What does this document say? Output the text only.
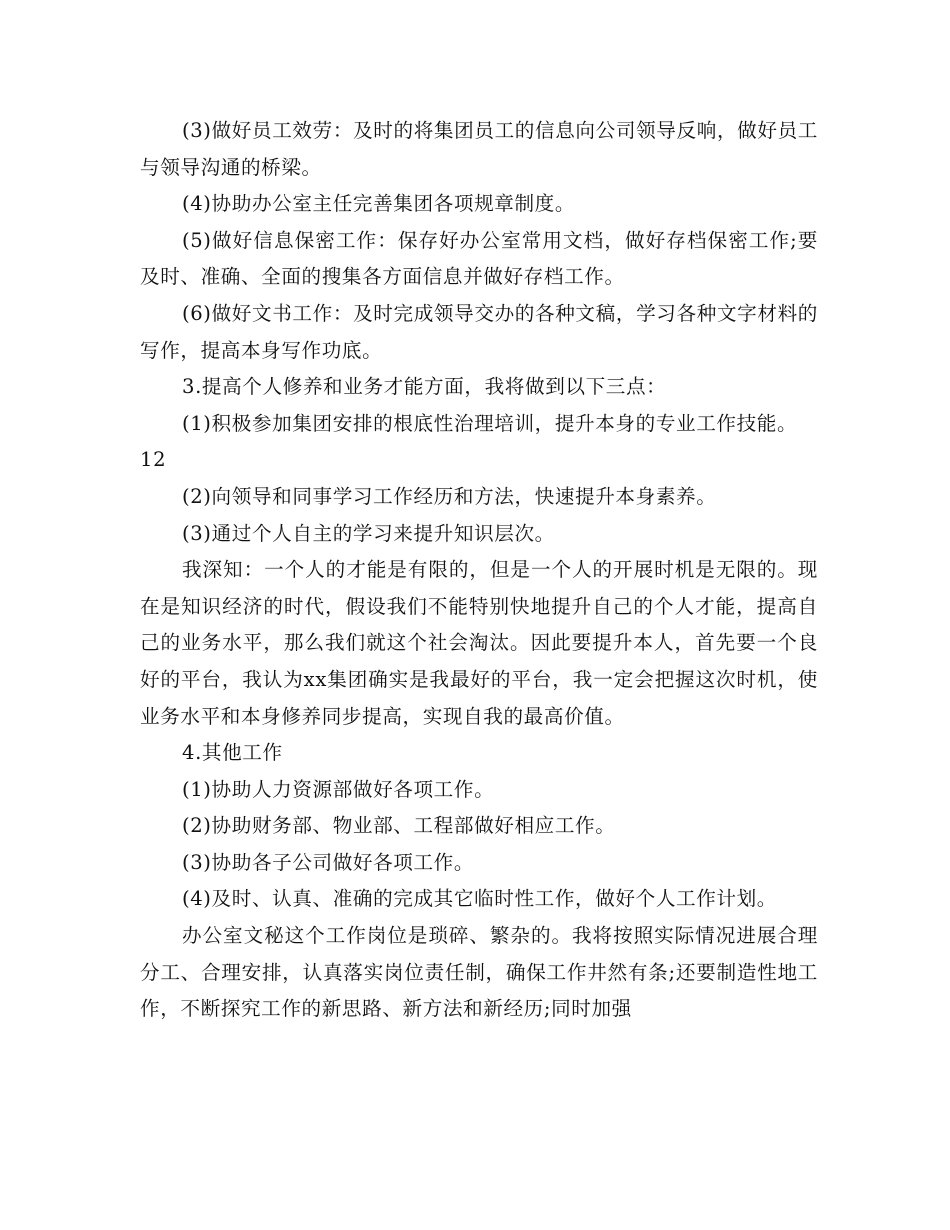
(3)做好员工效劳：及时的将集团员工的信息向公司领导反响，做好员工与领导沟通的桥梁。

(4)协助办公室主任完善集团各项规章制度。

(5)做好信息保密工作：保存好办公室常用文档，做好存档保密工作;要及时、准确、全面的搜集各方面信息并做好存档工作。

(6)做好文书工作：及时完成领导交办的各种文稿，学习各种文字材料的写作，提高本身写作功底。

3.提高个人修养和业务才能方面，我将做到以下三点：

(1)积极参加集团安排的根底性治理培训，提升本身的专业工作技能。

12

(2)向领导和同事学习工作经历和方法，快速提升本身素养。

(3)通过个人自主的学习来提升知识层次。

我深知：一个人的才能是有限的，但是一个人的开展时机是无限的。现在是知识经济的时代，假设我们不能特别快地提升自己的个人才能，提高自己的业务水平，那么我们就这个社会淘汰。因此要提升本人，首先要一个良好的平台，我认为xx集团确实是我最好的平台，我一定会把握这次时机，使业务水平和本身修养同步提高，实现自我的最高价值。

4.其他工作

(1)协助人力资源部做好各项工作。

(2)协助财务部、物业部、工程部做好相应工作。

(3)协助各子公司做好各项工作。

(4)及时、认真、准确的完成其它临时性工作，做好个人工作计划。

办公室文秘这个工作岗位是琐碎、繁杂的。我将按照实际情况进展合理分工、合理安排，认真落实岗位责任制，确保工作井然有条;还要制造性地工作，不断探究工作的新思路、新方法和新经历;同时加强
